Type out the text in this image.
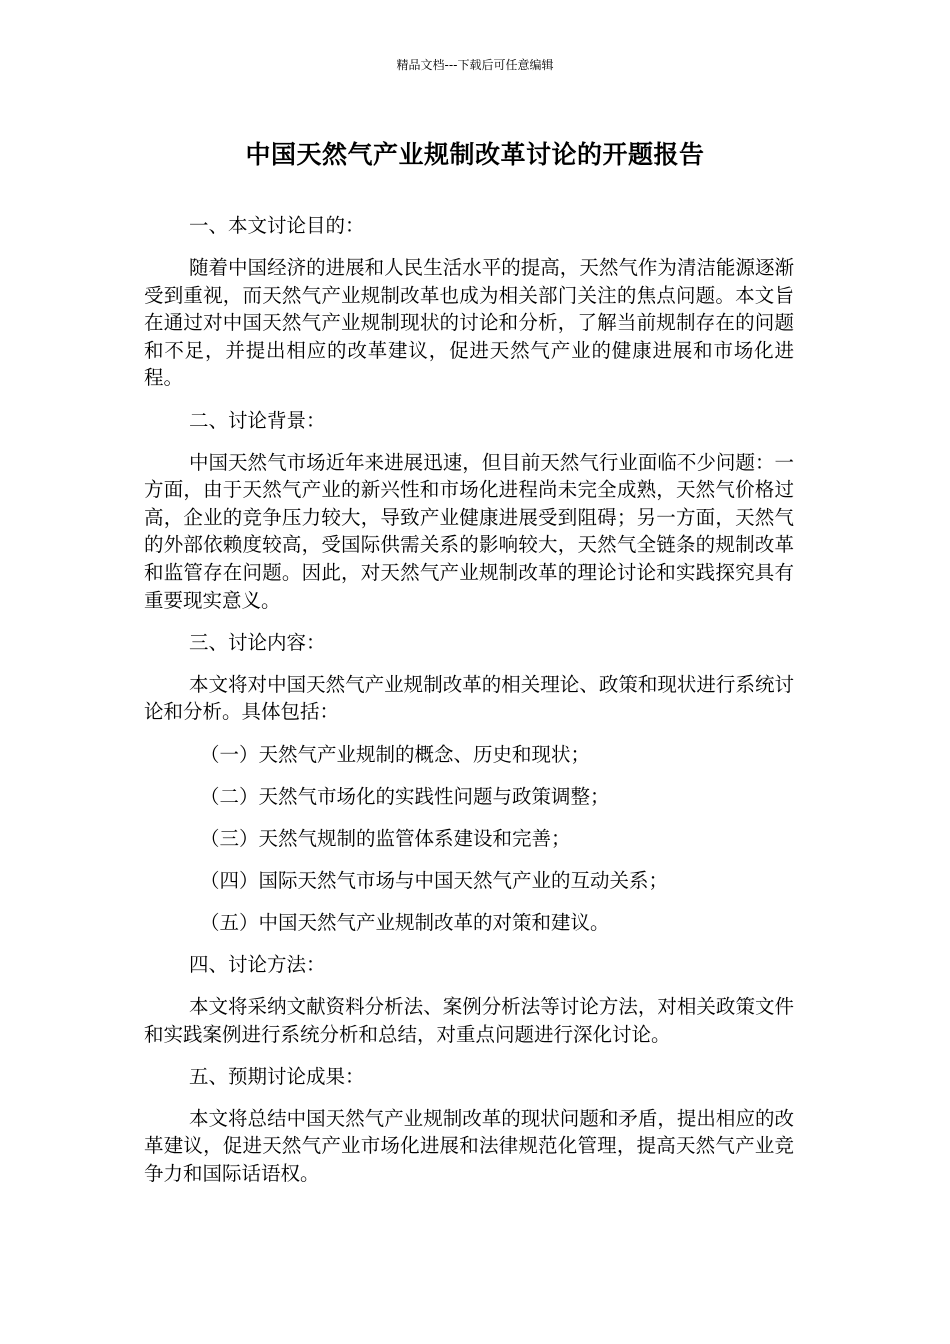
精品文档---下载后可任意编辑
中国天然气产业规制改革讨论的开题报告

一、本文讨论目的：

随着中国经济的进展和人民生活水平的提高，天然气作为清洁能源逐渐受到重视，而天然气产业规制改革也成为相关部门关注的焦点问题。本文旨在通过对中国天然气产业规制现状的讨论和分析，了解当前规制存在的问题和不足，并提出相应的改革建议，促进天然气产业的健康进展和市场化进程。

二、讨论背景：

中国天然气市场近年来进展迅速，但目前天然气行业面临不少问题：一方面，由于天然气产业的新兴性和市场化进程尚未完全成熟，天然气价格过高，企业的竞争压力较大，导致产业健康进展受到阻碍；另一方面，天然气的外部依赖度较高，受国际供需关系的影响较大，天然气全链条的规制改革和监管存在问题。因此，对天然气产业规制改革的理论讨论和实践探究具有重要现实意义。

三、讨论内容：

本文将对中国天然气产业规制改革的相关理论、政策和现状进行系统讨论和分析。具体包括：

（一）天然气产业规制的概念、历史和现状；

（二）天然气市场化的实践性问题与政策调整；

（三）天然气规制的监管体系建设和完善；

（四）国际天然气市场与中国天然气产业的互动关系；

（五）中国天然气产业规制改革的对策和建议。

四、讨论方法：

本文将采纳文献资料分析法、案例分析法等讨论方法，对相关政策文件和实践案例进行系统分析和总结，对重点问题进行深化讨论。

五、预期讨论成果：

本文将总结中国天然气产业规制改革的现状问题和矛盾，提出相应的改革建议，促进天然气产业市场化进展和法律规范化管理，提高天然气产业竞争力和国际话语权。
